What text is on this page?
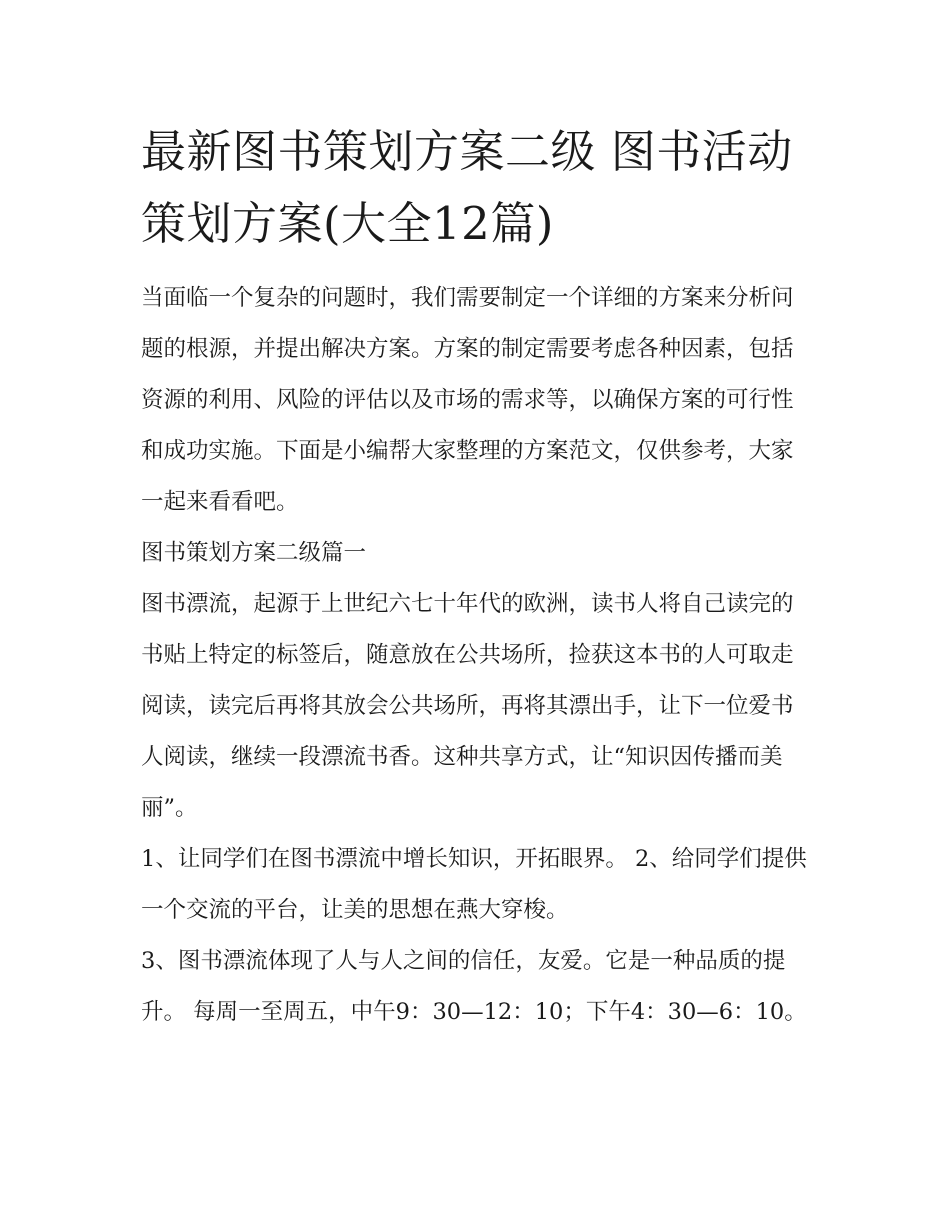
最新图书策划方案二级 图书活动策划方案(大全12篇)

当面临一个复杂的问题时，我们需要制定一个详细的方案来分析问题的根源，并提出解决方案。方案的制定需要考虑各种因素，包括资源的利用、风险的评估以及市场的需求等，以确保方案的可行性和成功实施。下面是小编帮大家整理的方案范文，仅供参考，大家一起来看看吧。

图书策划方案二级篇一

图书漂流，起源于上世纪六七十年代的欧洲，读书人将自己读完的书贴上特定的标签后，随意放在公共场所，捡获这本书的人可取走阅读，读完后再将其放会公共场所，再将其漂出手，让下一位爱书人阅读，继续一段漂流书香。这种共享方式，让“知识因传播而美丽”。

1、让同学们在图书漂流中增长知识，开拓眼界。 2、给同学们提供一个交流的平台，让美的思想在燕大穿梭。

3、图书漂流体现了人与人之间的信任，友爱。它是一种品质的提升。 每周一至周五，中午9：30—12：10；下午4：30—6：10。
